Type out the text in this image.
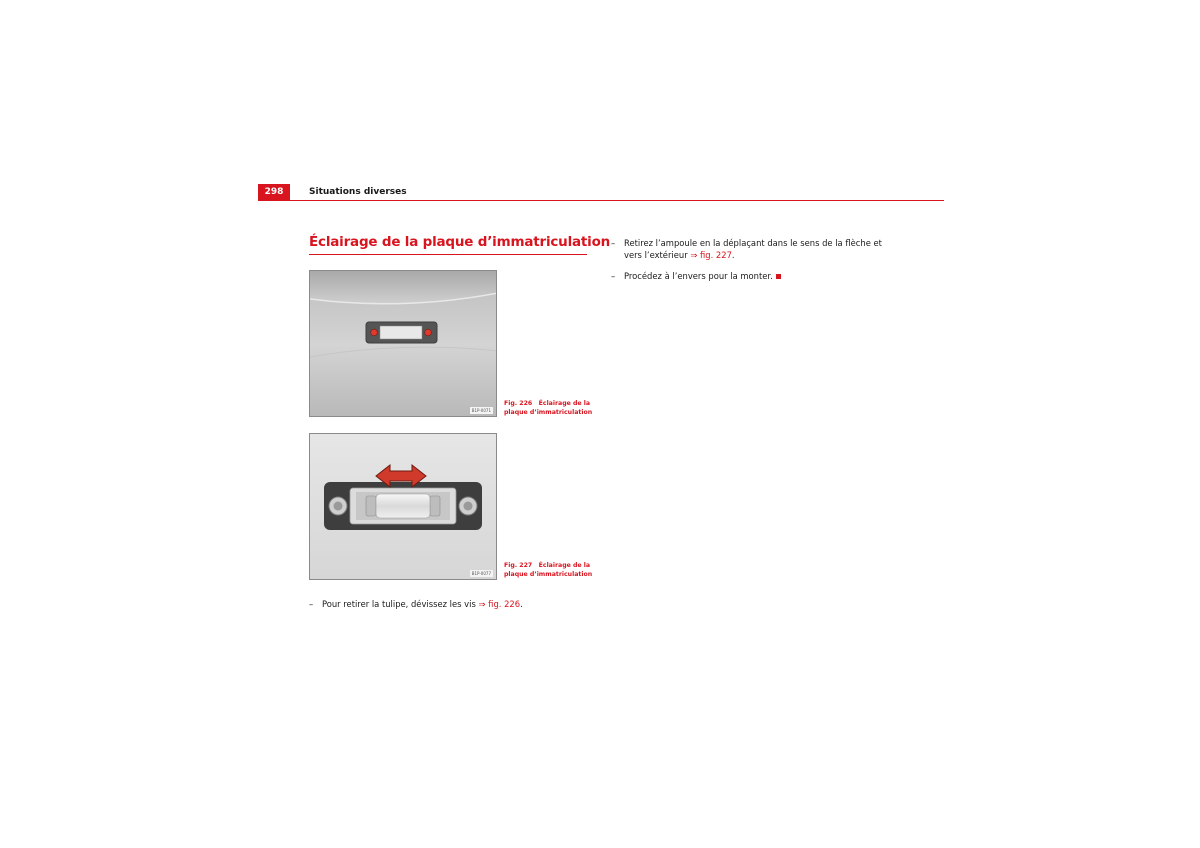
298	Situations diverses
Éclairage de la plaque d’immatriculation
B1P-0071
Fig. 226 Éclairage de la plaque d’immatriculation
B1P-0077
Fig. 227 Éclairage de la plaque d’immatriculation
– Pour retirer la tulipe, dévissez les vis ⇒ fig. 226.
– Retirez l’ampoule en la déplaçant dans le sens de la flèche et
vers l’extérieur ⇒ fig. 227.
– Procédez à l’envers pour la monter.
